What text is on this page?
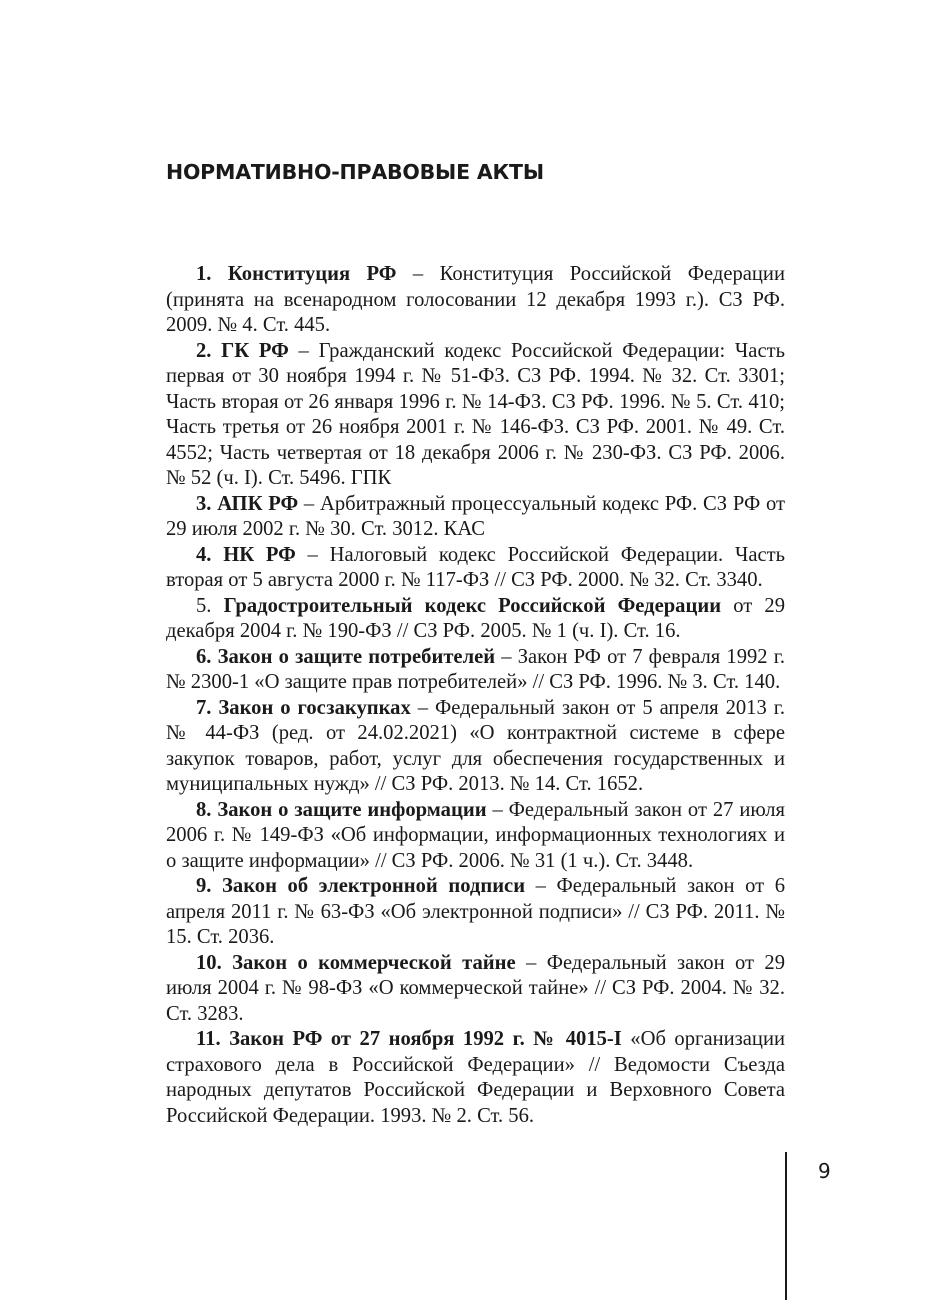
НОРМАТИВНО-ПРАВОВЫЕ АКТЫ

1. Конституция РФ – Конституция Российской Федерации (принята на всенародном голосовании 12 декабря 1993 г.). СЗ РФ. 2009. № 4. Ст. 445.

2. ГК РФ – Гражданский кодекс Российской Федерации: Часть первая от 30 ноября 1994 г. № 51-ФЗ. СЗ РФ. 1994. № 32. Ст. 3301; Часть вторая от 26 января 1996 г. № 14-ФЗ. СЗ РФ. 1996. № 5. Ст. 410; Часть третья от 26 ноября 2001 г. № 146-ФЗ. СЗ РФ. 2001. № 49. Ст. 4552; Часть четвертая от 18 декабря 2006 г. № 230-ФЗ. СЗ РФ. 2006. № 52 (ч. I). Ст. 5496. ГПК

3. АПК РФ – Арбитражный процессуальный кодекс РФ. СЗ РФ от 29 июля 2002 г. № 30. Ст. 3012. КАС

4. НК РФ – Налоговый кодекс Российской Федерации. Часть вторая от 5 августа 2000 г. № 117-ФЗ // СЗ РФ. 2000. № 32. Ст. 3340.

5. Градостроительный кодекс Российской Федерации от 29 декабря 2004 г. № 190-ФЗ // СЗ РФ. 2005. № 1 (ч. I). Ст. 16.

6. Закон о защите потребителей – Закон РФ от 7 февраля 1992 г. № 2300-1 «О защите прав потребителей» // СЗ РФ. 1996. № 3. Ст. 140.

7. Закон о госзакупках – Федеральный закон от 5 апреля 2013 г. № 44-ФЗ (ред. от 24.02.2021) «О контрактной системе в сфере закупок товаров, работ, услуг для обеспечения государственных и муниципальных нужд» // СЗ РФ. 2013. № 14. Ст. 1652.

8. Закон о защите информации – Федеральный закон от 27 июля 2006 г. № 149-ФЗ «Об информации, информационных технологиях и о защите информации» // СЗ РФ. 2006. № 31 (1 ч.). Ст. 3448.

9. Закон об электронной подписи – Федеральный закон от 6 апреля 2011 г. № 63-ФЗ «Об электронной подписи» // СЗ РФ. 2011. № 15. Ст. 2036.

10. Закон о коммерческой тайне – Федеральный закон от 29 июля 2004 г. № 98-ФЗ «О коммерческой тайне» // СЗ РФ. 2004. № 32. Ст. 3283.

11. Закон РФ от 27 ноября 1992 г. № 4015-I «Об организации страхового дела в Российской Федерации» // Ведомости Съезда народных депутатов Российской Федерации и Верховного Совета Российской Федерации. 1993. № 2. Ст. 56.

9
